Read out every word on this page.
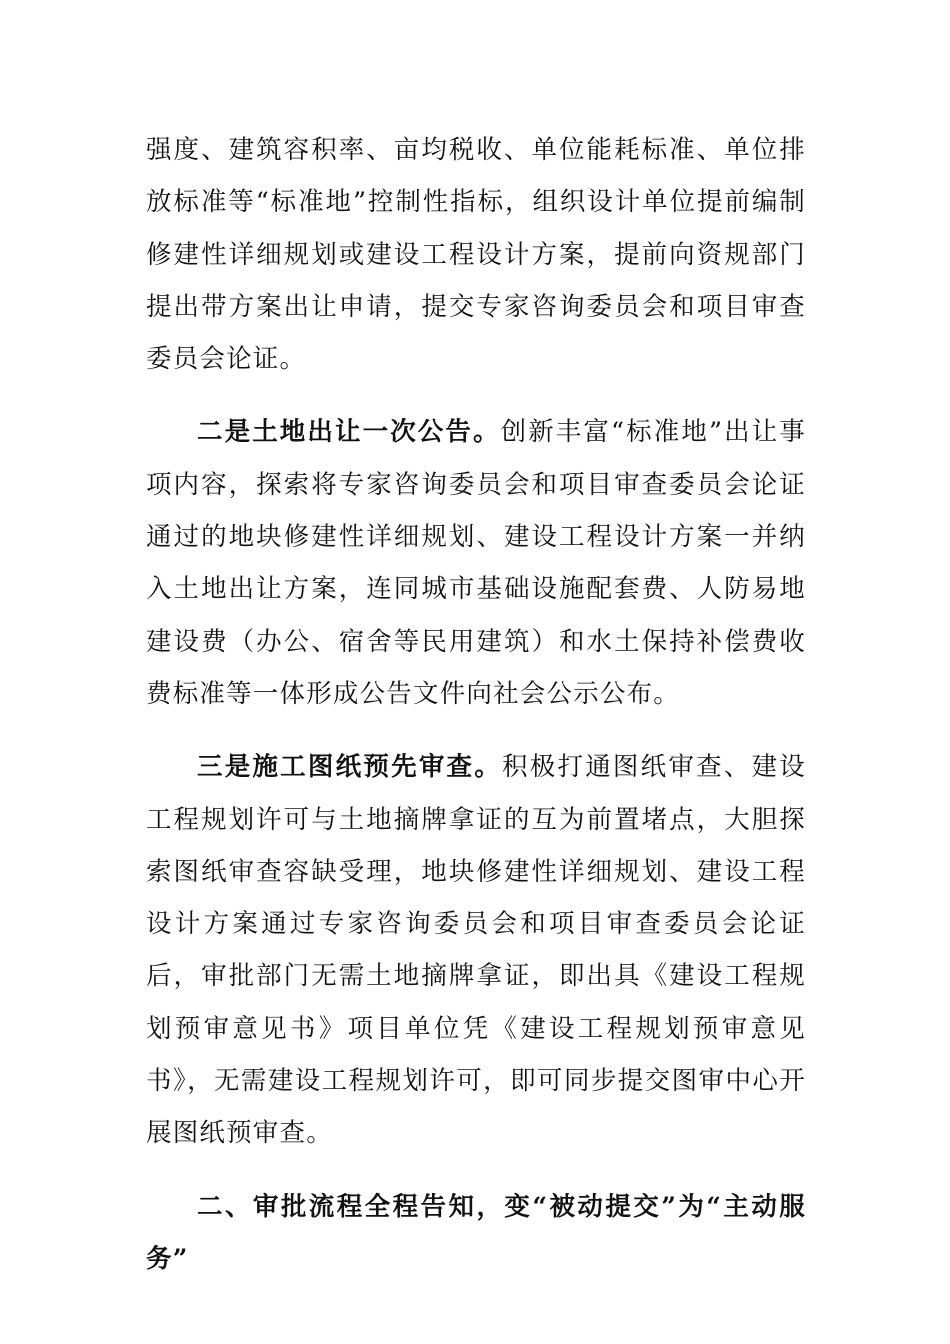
强度、建筑容积率、亩均税收、单位能耗标准、单位排放标准等“标准地”控制性指标，组织设计单位提前编制修建性详细规划或建设工程设计方案，提前向资规部门提出带方案出让申请，提交专家咨询委员会和项目审查委员会论证。

二是土地出让一次公告。创新丰富“标准地”出让事项内容，探索将专家咨询委员会和项目审查委员会论证通过的地块修建性详细规划、建设工程设计方案一并纳入土地出让方案，连同城市基础设施配套费、人防易地建设费（办公、宿舍等民用建筑）和水土保持补偿费收费标准等一体形成公告文件向社会公示公布。

三是施工图纸预先审查。积极打通图纸审查、建设工程规划许可与土地摘牌拿证的互为前置堵点，大胆探索图纸审查容缺受理，地块修建性详细规划、建设工程设计方案通过专家咨询委员会和项目审查委员会论证后，审批部门无需土地摘牌拿证，即出具《建设工程规划预审意见书》项目单位凭《建设工程规划预审意见书》，无需建设工程规划许可，即可同步提交图审中心开展图纸预审查。

二、审批流程全程告知，变“被动提交”为“主动服务”
